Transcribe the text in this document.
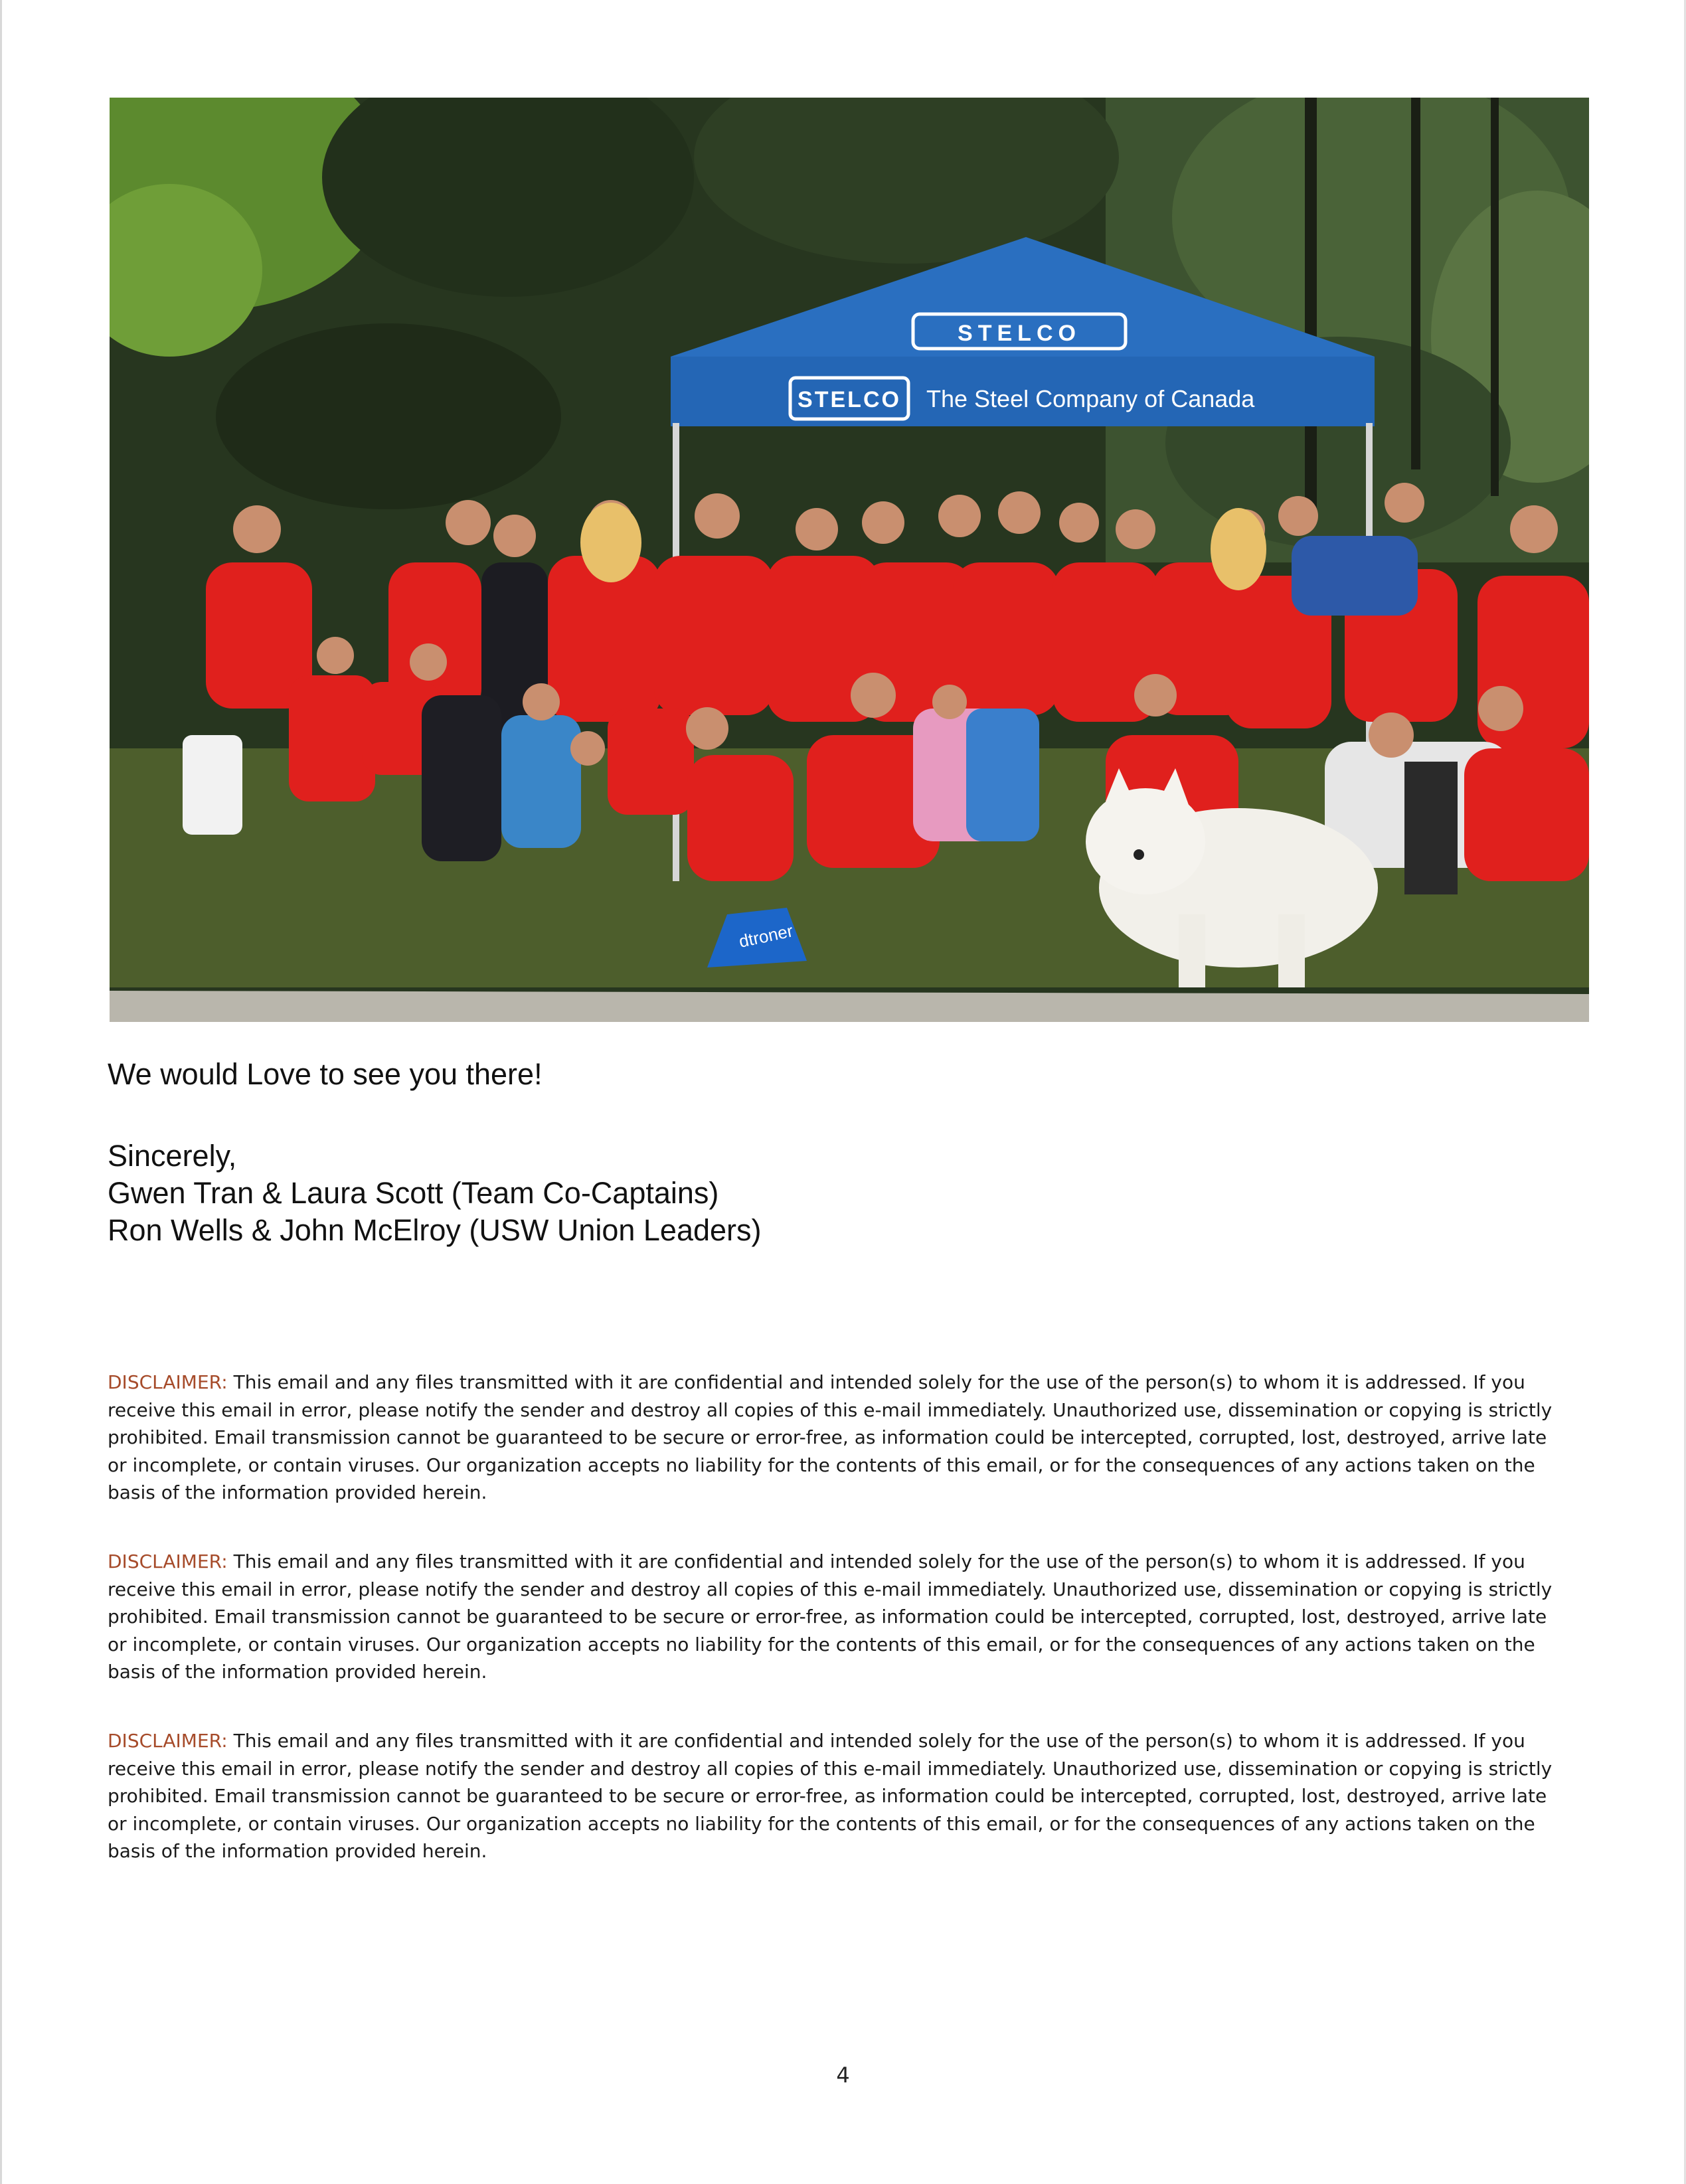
STELCO
STELCO The Steel Company of Canada
dtroner

We would Love to see you there!

Sincerely,
Gwen Tran & Laura Scott (Team Co-Captains)
Ron Wells & John McElroy (USW Union Leaders)
DISCLAIMER: This email and any files transmitted with it are confidential and intended solely for the use of the person(s) to whom it is addressed. If you receive this email in error, please notify the sender and destroy all copies of this e-mail immediately. Unauthorized use, dissemination or copying is strictly prohibited. Email transmission cannot be guaranteed to be secure or error-free, as information could be intercepted, corrupted, lost, destroyed, arrive late or incomplete, or contain viruses. Our organization accepts no liability for the contents of this email, or for the consequences of any actions taken on the basis of the information provided herein.
DISCLAIMER: This email and any files transmitted with it are confidential and intended solely for the use of the person(s) to whom it is addressed. If you receive this email in error, please notify the sender and destroy all copies of this e-mail immediately. Unauthorized use, dissemination or copying is strictly prohibited. Email transmission cannot be guaranteed to be secure or error-free, as information could be intercepted, corrupted, lost, destroyed, arrive late or incomplete, or contain viruses. Our organization accepts no liability for the contents of this email, or for the consequences of any actions taken on the basis of the information provided herein.
DISCLAIMER: This email and any files transmitted with it are confidential and intended solely for the use of the person(s) to whom it is addressed. If you receive this email in error, please notify the sender and destroy all copies of this e-mail immediately. Unauthorized use, dissemination or copying is strictly prohibited. Email transmission cannot be guaranteed to be secure or error-free, as information could be intercepted, corrupted, lost, destroyed, arrive late or incomplete, or contain viruses. Our organization accepts no liability for the contents of this email, or for the consequences of any actions taken on the basis of the information provided herein.
4
